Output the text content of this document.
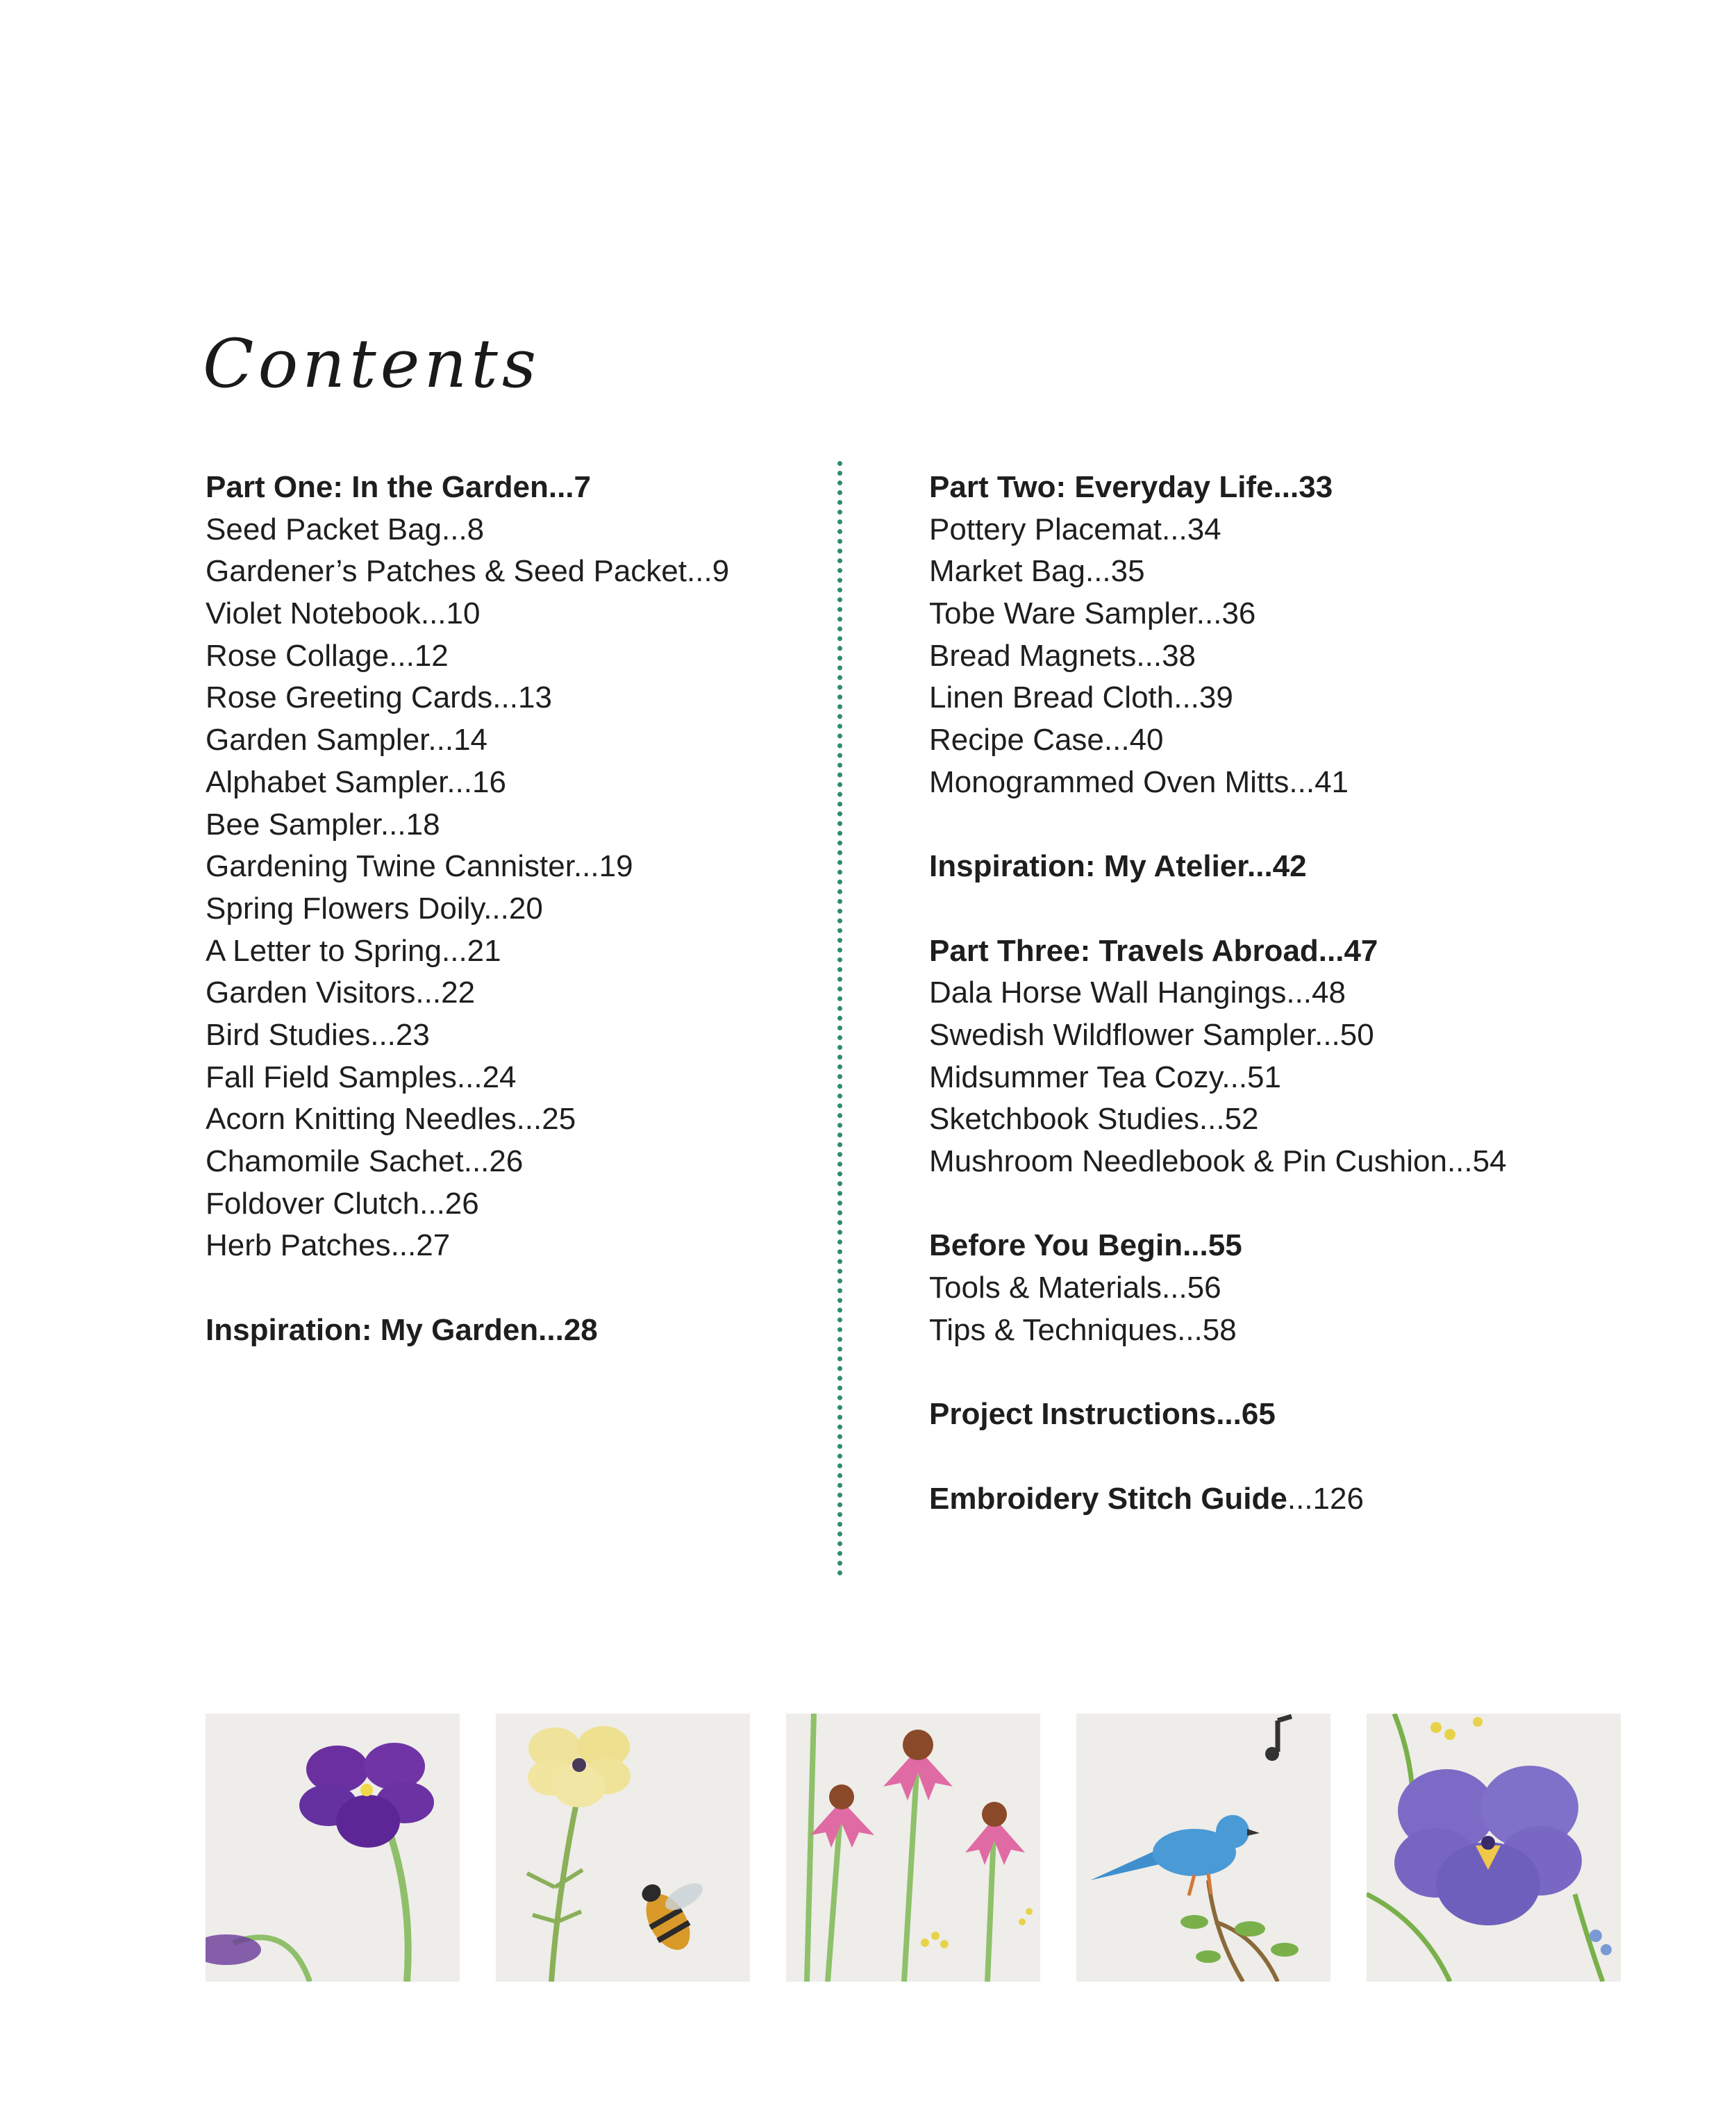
Contents
Part One: In the Garden...7
Seed Packet Bag...8
Gardener’s Patches & Seed Packet...9
Violet Notebook...10
Rose Collage...12
Rose Greeting Cards...13
Garden Sampler...14
Alphabet Sampler...16
Bee Sampler...18
Gardening Twine Cannister...19
Spring Flowers Doily...20
A Letter to Spring...21
Garden Visitors...22
Bird Studies...23
Fall Field Samples...24
Acorn Knitting Needles...25
Chamomile Sachet...26
Foldover Clutch...26
Herb Patches...27
Inspiration: My Garden...28
Part Two: Everyday Life...33
Pottery Placemat...34
Market Bag...35
Tobe Ware Sampler...36
Bread Magnets...38
Linen Bread Cloth...39
Recipe Case...40
Monogrammed Oven Mitts...41
Inspiration: My Atelier...42
Part Three: Travels Abroad...47
Dala Horse Wall Hangings...48
Swedish Wildflower Sampler...50
Midsummer Tea Cozy...51
Sketchbook Studies...52
Mushroom Needlebook & Pin Cushion...54
Before You Begin...55
Tools & Materials...56
Tips & Techniques...58
Project Instructions...65
Embroidery Stitch Guide...126
